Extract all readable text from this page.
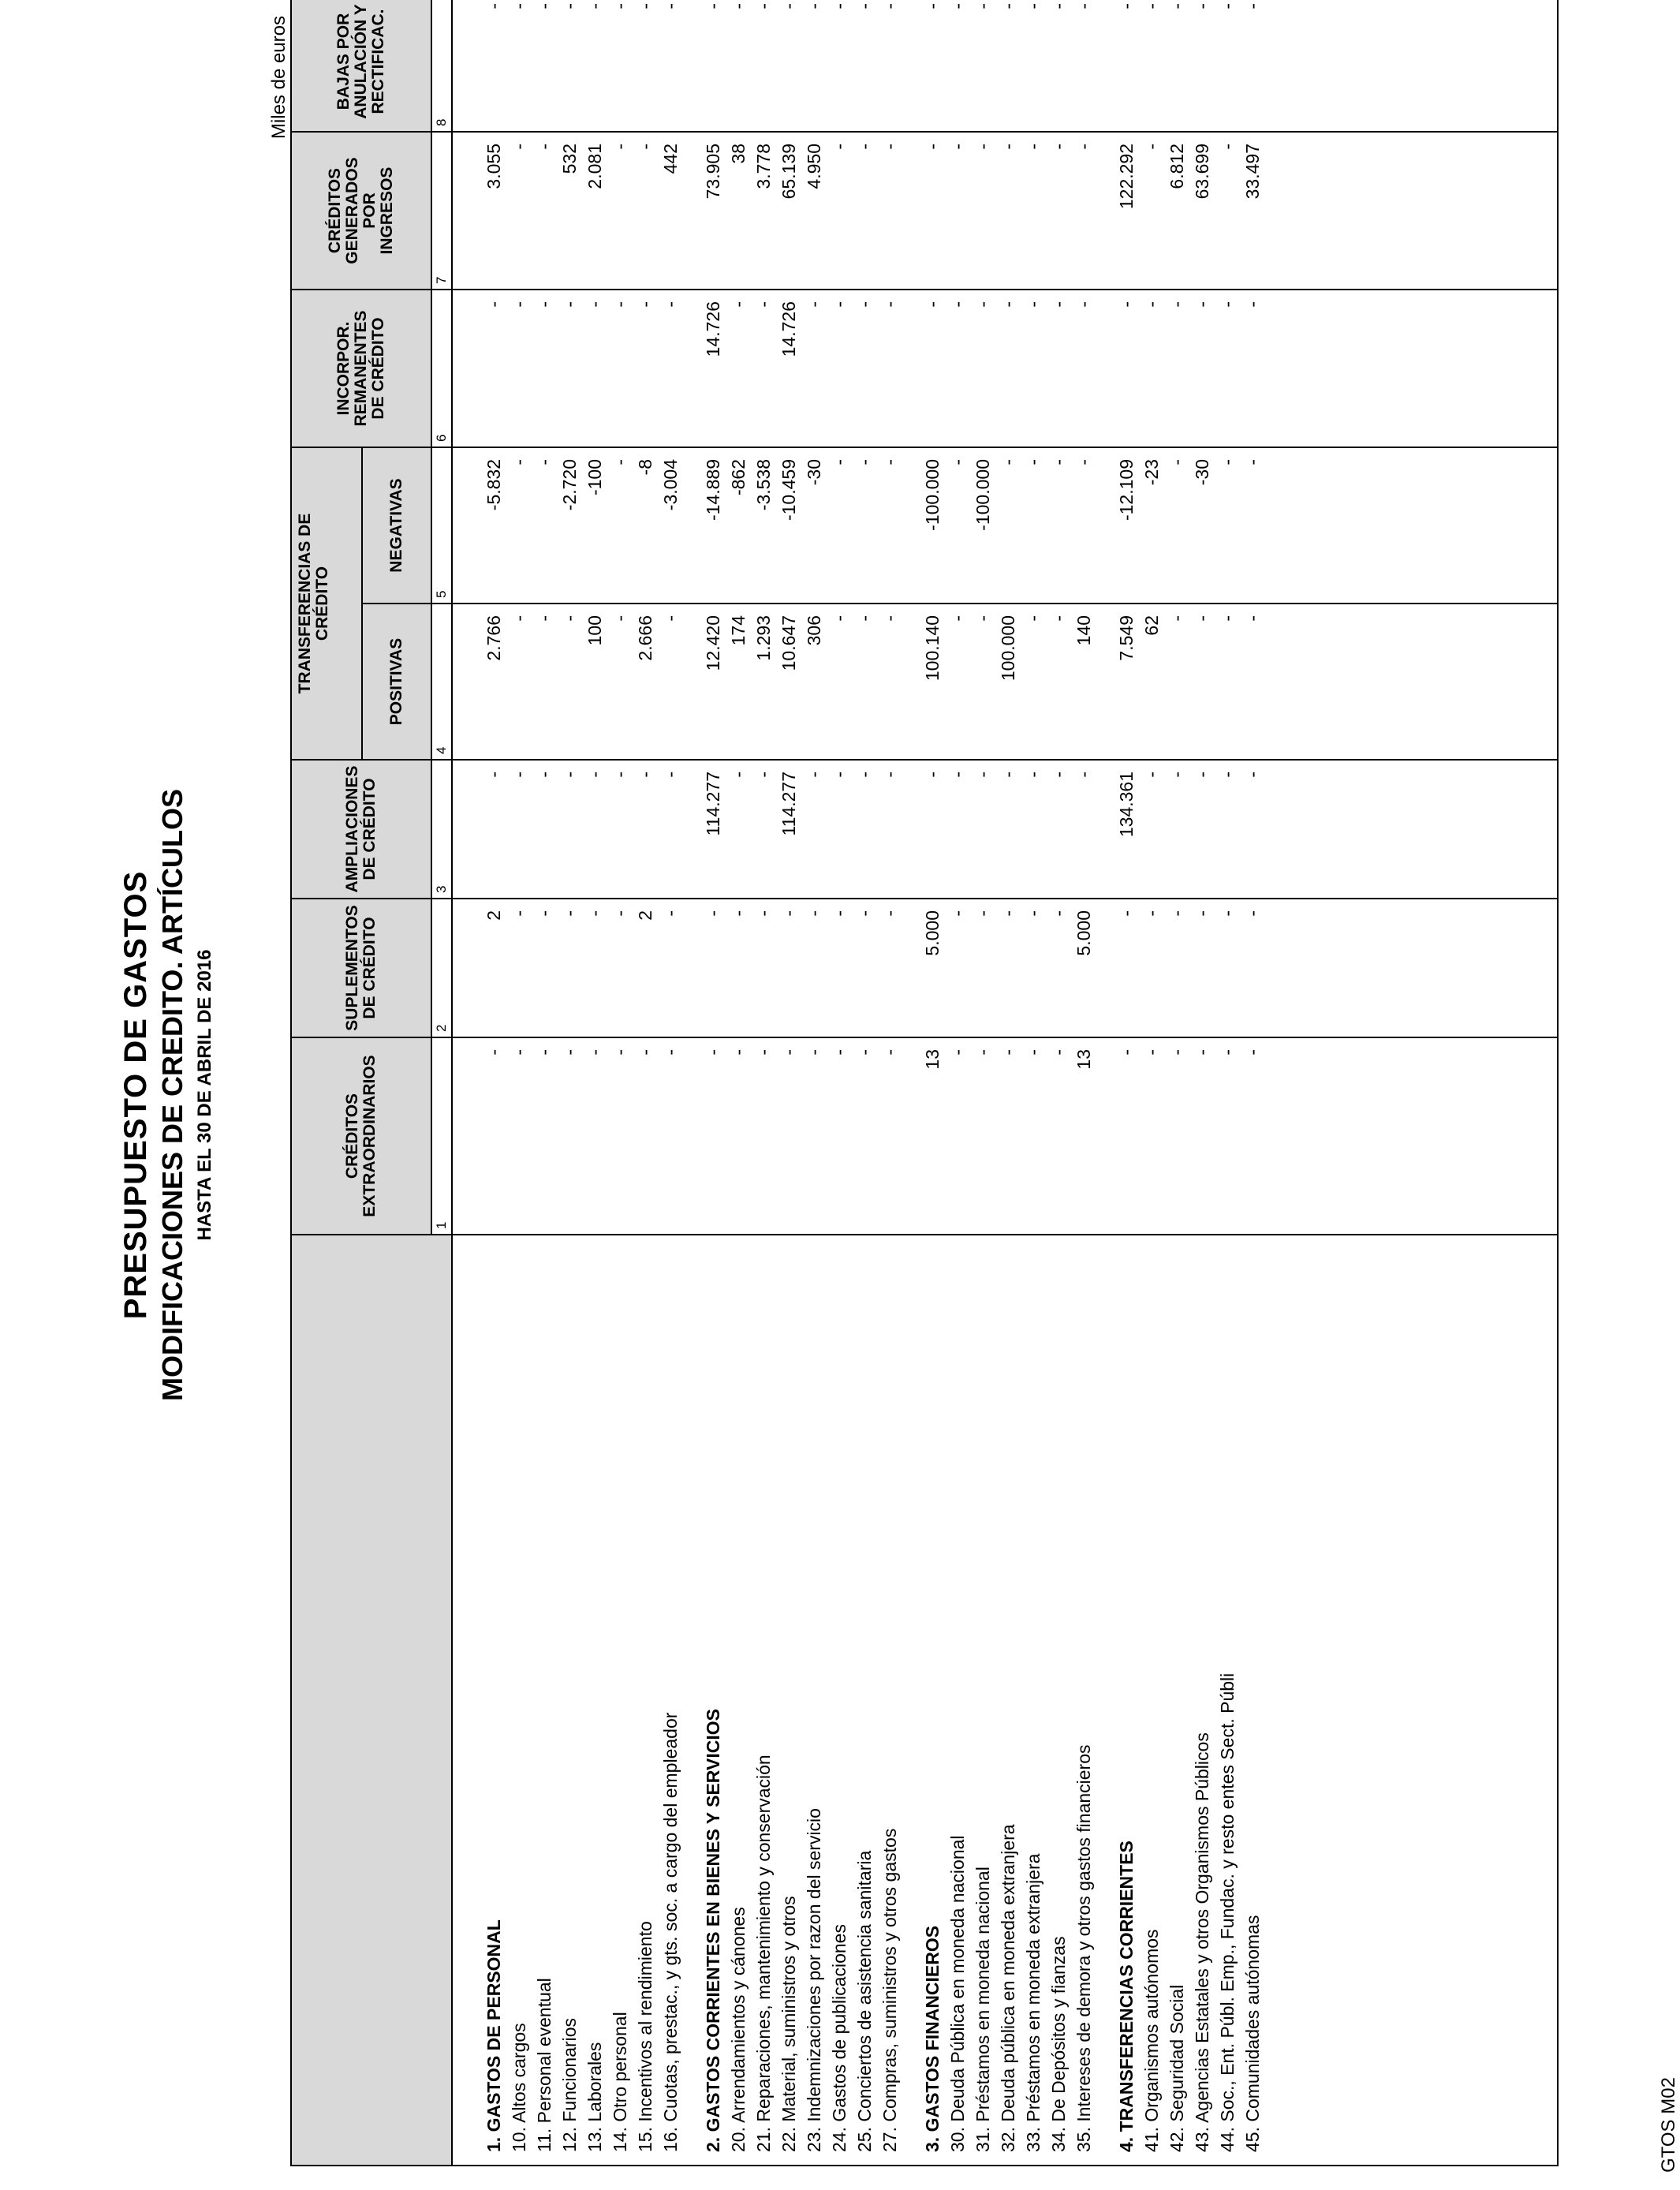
PRESUPUESTO DE GASTOS MODIFICACIONES DE CREDITO. ARTÍCULOS HASTA EL 30 DE ABRIL DE 2016
Miles de euros
CRÉDITOS EXTRAORDINARIOS
SUPLEMENTOS DE CRÉDITO
AMPLIACIONES DE CRÉDITO
TRANSFERENCIAS DE CRÉDITO
POSITIVAS
NEGATIVAS
INCORPOR. REMANENTES DE CRÉDITO
CRÉDITOS GENERADOS POR INGRESOS
BAJAS POR ANULACIÓN Y RECTIFICAC.
1
2
3
4
5
6
7
8
1. GASTOS DE PERSONAL 10. Altos cargos 11. Personal eventual 12. Funcionarios 13. Laborales 14. Otro personal 15. Incentivos al rendimiento 16. Cuotas, prestac., y gts. soc. a cargo del empleador 2. GASTOS CORRIENTES EN BIENES Y SERVICIOS 20. Arrendamientos y cánones 21. Reparaciones, mantenimiento y conservación 22. Material, suministros y otros 23. Indemnizaciones por razon del servicio 24. Gastos de publicaciones 25. Conciertos de asistencia sanitaria 27. Compras, suministros y otros gastos 3. GASTOS FINANCIEROS 30. Deuda Pública en moneda nacional 31. Préstamos en moneda nacional 32. Deuda pública en moneda extranjera 33. Préstamos en moneda extranjera 34. De Depósitos y fianzas 35. Intereses de demora y otros gastos financieros 4. TRANSFERENCIAS CORRIENTES 41. Organismos autónomos 42. Seguridad Social 43. Agencias Estatales y otros Organismos Públicos 44. Soc., Ent. Públ. Emp., Fundac. y resto entes Sect. Públi 45. Comunidades autónomas
- - - - - - - - - - - - - - - - 13 - - - - - 13 - - - - - -
2 - - - - - 2 - - - - - - - - - 5.000 - - - - - 5.000 - - - - - -
- - - - - - - - 114.277 - - 114.277 - - - - - - - - - - - 134.361 - - - - -
2.766 - - - 100 - 2.666 - 12.420 174 1.293 10.647 306 - - - 100.140 - - 100.000 - - 140 7.549 62 - - - -
-5.832 - - -2.720 -100 - -8 -3.004 -14.889 -862 -3.538 -10.459 -30 - - - -100.000 - -100.000 - - - - -12.109 -23 - -30 - -
- - - - - - - - 14.726 - - 14.726 - - - - - - - - - - - - - - - - -
3.055 - - 532 2.081 - - 442 73.905 38 3.778 65.139 4.950 - - - - - - - - - - 122.292 - 6.812 63.699 - 33.497
- - - - - - - - - - - - - - - - - - - - - - - - - - - - -
GTOS M02
